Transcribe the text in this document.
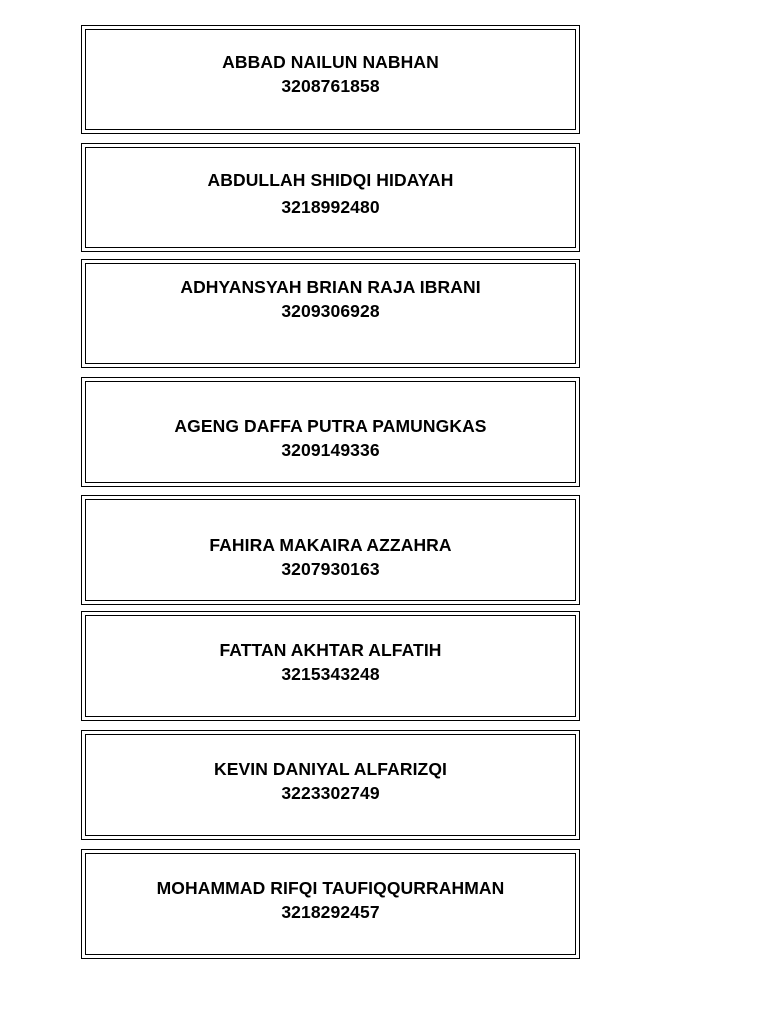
ABBAD NAILUN NABHAN
3208761858
ABDULLAH SHIDQI HIDAYAH
3218992480
ADHYANSYAH BRIAN RAJA IBRANI
3209306928
AGENG DAFFA PUTRA PAMUNGKAS
3209149336
FAHIRA MAKAIRA AZZAHRA
3207930163
FATTAN AKHTAR ALFATIH
3215343248
KEVIN DANIYAL ALFARIZQI
3223302749
MOHAMMAD RIFQI TAUFIQQURRAHMAN
3218292457
